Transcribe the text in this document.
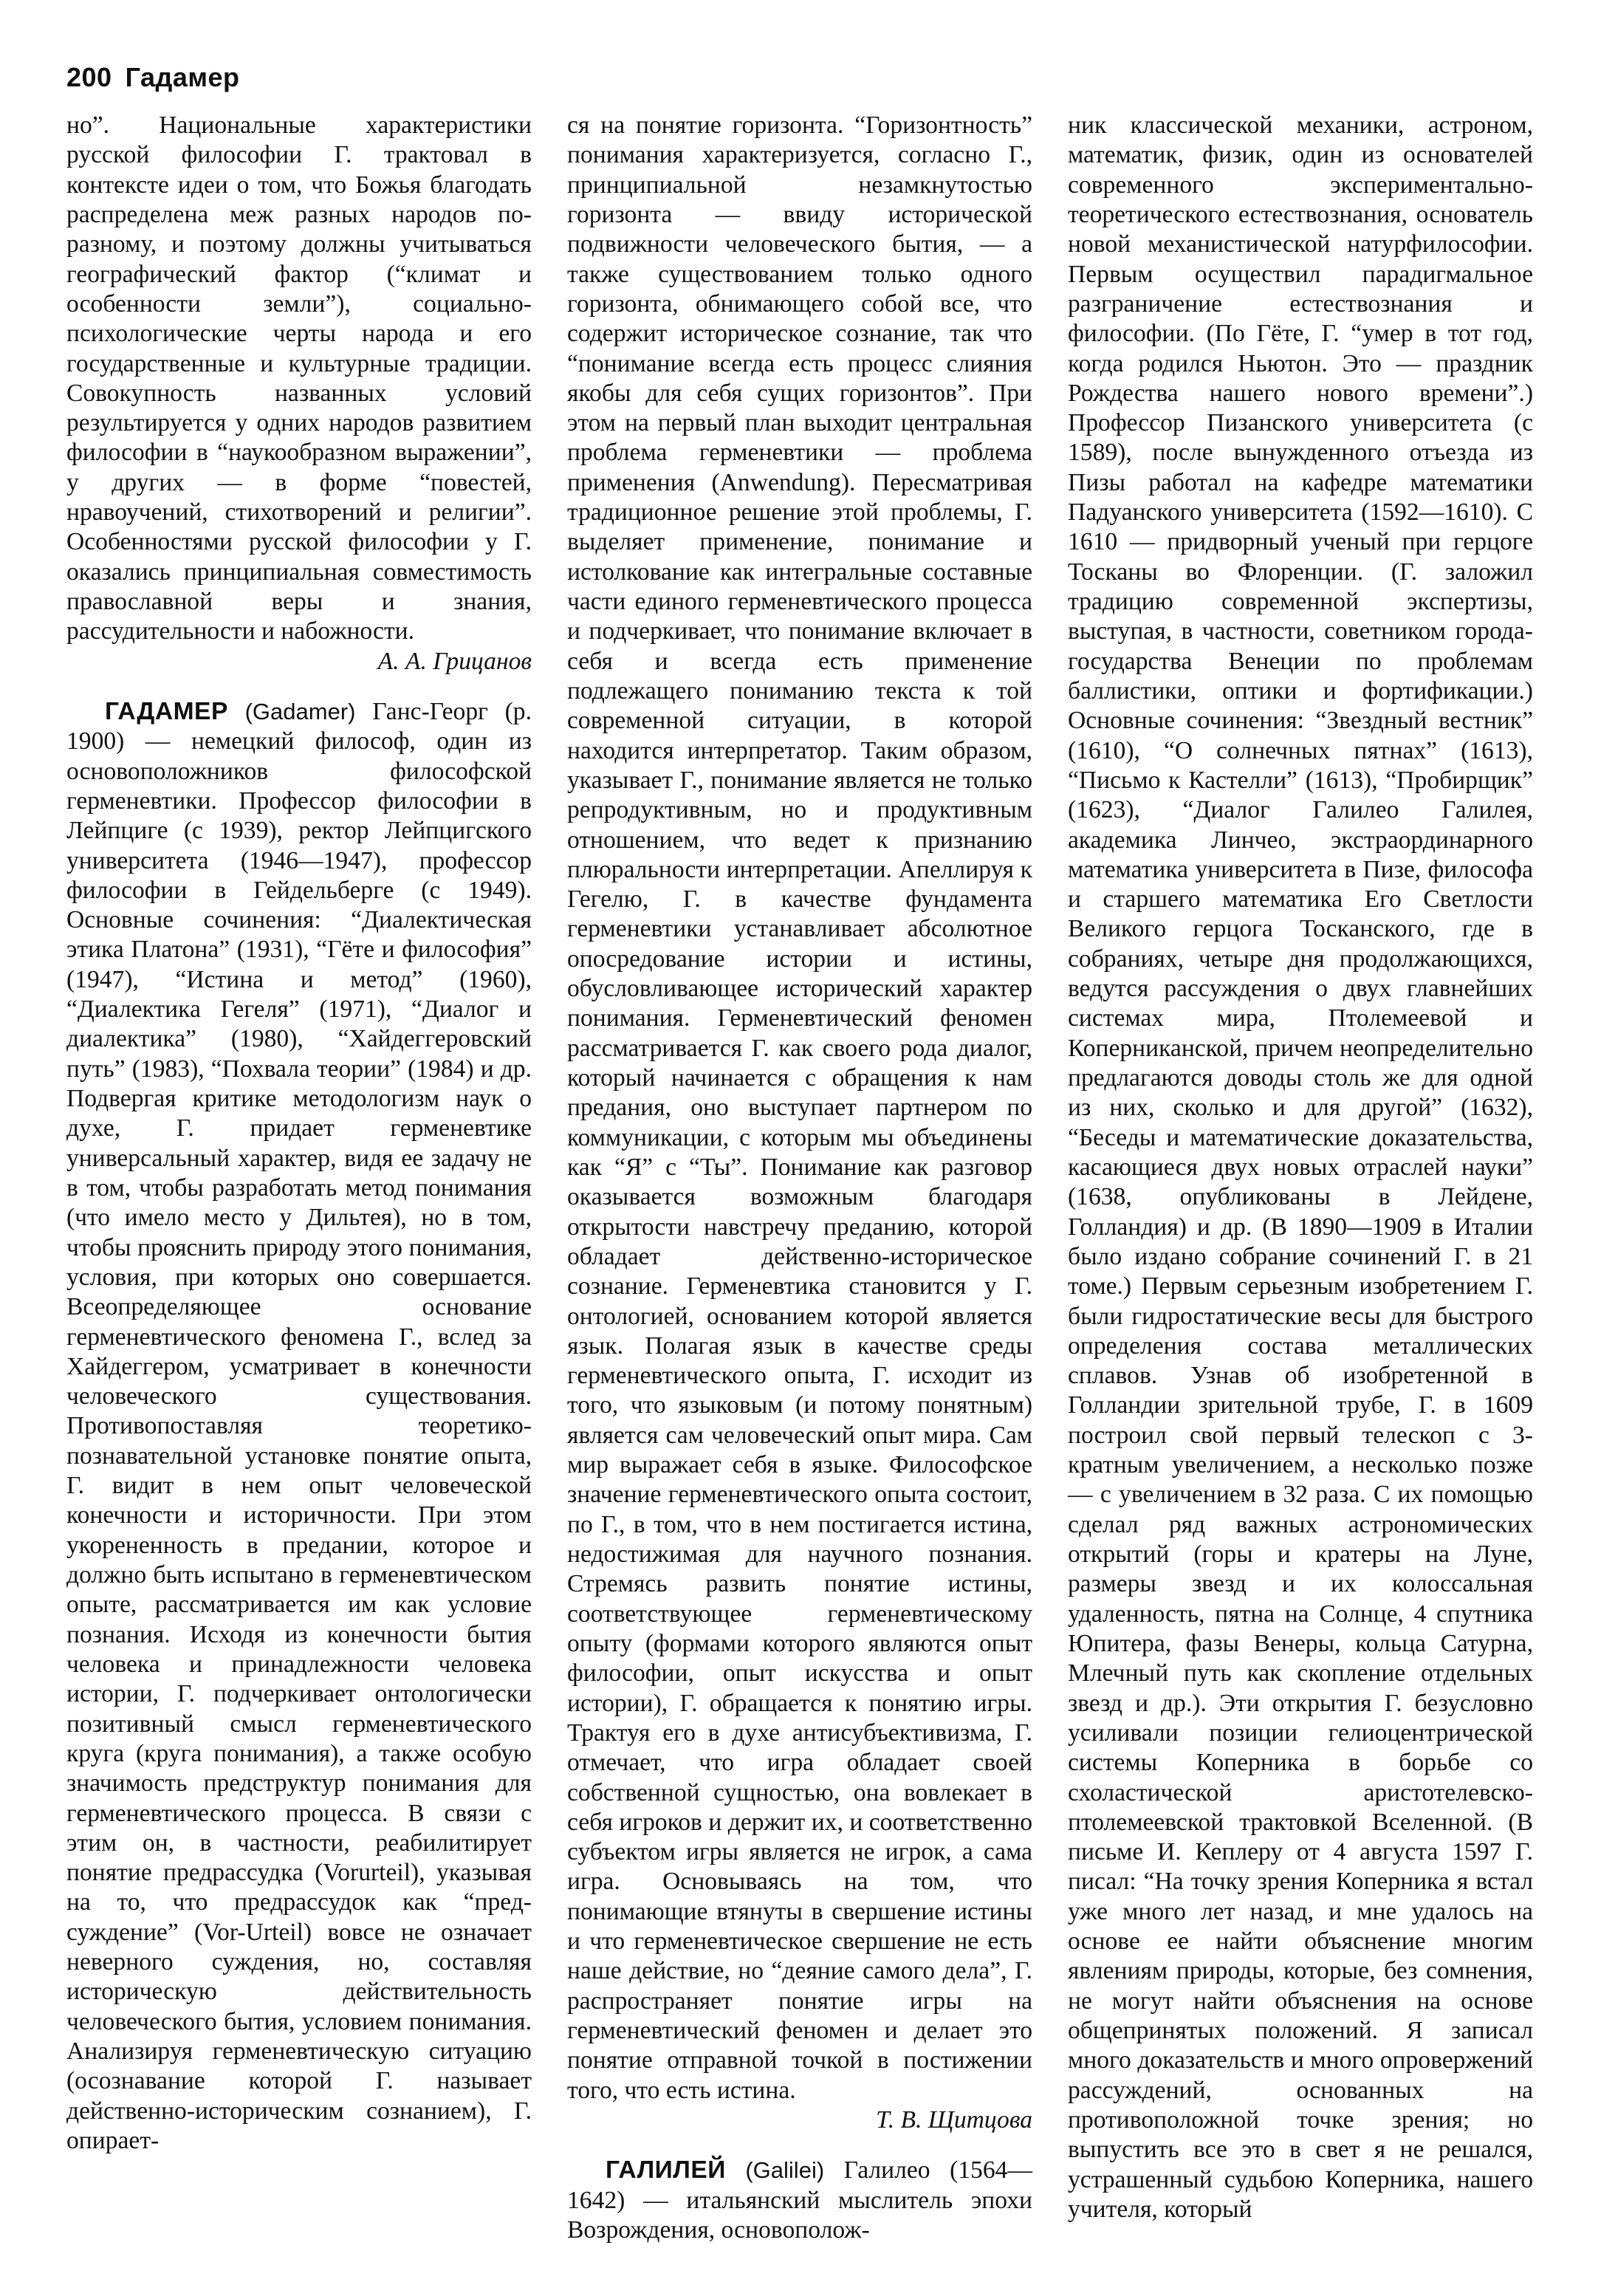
200 Гадамер

но”. Национальные характеристики русской философии Г. трактовал в контексте идеи о том, что Божья благодать распределена меж разных народов по-разному, и поэтому должны учитываться географический фактор (“климат и особенности земли”), социально-психологические черты народа и его государственные и культурные традиции. Совокупность названных условий результируется у одних народов развитием философии в “наукообразном выражении”, у других — в форме “повестей, нравоучений, стихотворений и религии”. Особенностями русской философии у Г. оказались принципиальная совместимость православной веры и знания, рассудительности и набожности.

А. А. Грицанов

ГАДАМЕР (Gadamer) Ганс-Георг (р. 1900) — немецкий философ, один из основоположников философской герменевтики. Профессор философии в Лейпциге (с 1939), ректор Лейпцигского университета (1946—1947), профессор философии в Гейдельберге (с 1949). Основные сочинения: “Диалектическая этика Платона” (1931), “Гёте и философия” (1947), “Истина и метод” (1960), “Диалектика Гегеля” (1971), “Диалог и диалектика” (1980), “Хайдеггеровский путь” (1983), “Похвала теории” (1984) и др. Подвергая критике методологизм наук о духе, Г. придает герменевтике универсальный характер, видя ее задачу не в том, чтобы разработать метод понимания (что имело место у Дильтея), но в том, чтобы прояснить природу этого понимания, условия, при которых оно совершается. Всеопределяющее основание герменевтического феномена Г., вслед за Хайдеггером, усматривает в конечности человеческого существования. Противопоставляя теоретико-познавательной установке понятие опыта, Г. видит в нем опыт человеческой конечности и историчности. При этом укорененность в предании, которое и должно быть испытано в герменевтическом опыте, рассматривается им как условие познания. Исходя из конечности бытия человека и принадлежности человека истории, Г. подчеркивает онтологически позитивный смысл герменевтического круга (круга понимания), а также особую значимость предструктур понимания для герменевтического процесса. В связи с этим он, в частности, реабилитирует понятие предрассудка (Vorurteil), указывая на то, что предрассудок как “пред-суждение” (Vor-Urteil) вовсе не означает неверного суждения, но, составляя историческую действительность человеческого бытия, условием понимания. Анализируя герменевтическую ситуацию (осознавание которой Г. называет действенно-историческим сознанием), Г. опирает-

ся на понятие горизонта. “Горизонтность” понимания характеризуется, согласно Г., принципиальной незамкнутостью горизонта — ввиду исторической подвижности человеческого бытия, — а также существованием только одного горизонта, обнимающего собой все, что содержит историческое сознание, так что “понимание всегда есть процесс слияния якобы для себя сущих горизонтов”. При этом на первый план выходит центральная проблема герменевтики — проблема применения (Anwendung). Пересматривая традиционное решение этой проблемы, Г. выделяет применение, понимание и истолкование как интегральные составные части единого герменевтического процесса и подчеркивает, что понимание включает в себя и всегда есть применение подлежащего пониманию текста к той современной ситуации, в которой находится интерпретатор. Таким образом, указывает Г., понимание является не только репродуктивным, но и продуктивным отношением, что ведет к признанию плюральности интерпретации. Апеллируя к Гегелю, Г. в качестве фундамента герменевтики устанавливает абсолютное опосредование истории и истины, обусловливающее исторический характер понимания. Герменевтический феномен рассматривается Г. как своего рода диалог, который начинается с обращения к нам предания, оно выступает партнером по коммуникации, с которым мы объединены как “Я” с “Ты”. Понимание как разговор оказывается возможным благодаря открытости навстречу преданию, которой обладает действенно-историческое сознание. Герменевтика становится у Г. онтологией, основанием которой является язык. Полагая язык в качестве среды герменевтического опыта, Г. исходит из того, что языковым (и потому понятным) является сам человеческий опыт мира. Сам мир выражает себя в языке. Философское значение герменевтического опыта состоит, по Г., в том, что в нем постигается истина, недостижимая для научного познания. Стремясь развить понятие истины, соответствующее герменевтическому опыту (формами которого являются опыт философии, опыт искусства и опыт истории), Г. обращается к понятию игры. Трактуя его в духе антисубъективизма, Г. отмечает, что игра обладает своей собственной сущностью, она вовлекает в себя игроков и держит их, и соответственно субъектом игры является не игрок, а сама игра. Основываясь на том, что понимающие втянуты в свершение истины и что герменевтическое свершение не есть наше действие, но “деяние самого дела”, Г. распространяет понятие игры на герменевтический феномен и делает это понятие отправной точкой в постижении того, что есть истина.

Т. В. Щитцова

ГАЛИЛЕЙ (Galilei) Галилео (1564—1642) — итальянский мыслитель эпохи Возрождения, основополож-

ник классической механики, астроном, математик, физик, один из основателей современного экспериментально-теоретического естествознания, основатель новой механистической натурфилософии. Первым осуществил парадигмальное разграничение естествознания и философии. (По Гёте, Г. “умер в тот год, когда родился Ньютон. Это — праздник Рождества нашего нового времени”.) Профессор Пизанского университета (с 1589), после вынужденного отъезда из Пизы работал на кафедре математики Падуанского университета (1592—1610). С 1610 — придворный ученый при герцоге Тосканы во Флоренции. (Г. заложил традицию современной экспертизы, выступая, в частности, советником города-государства Венеции по проблемам баллистики, оптики и фортификации.) Основные сочинения: “Звездный вестник” (1610), “О солнечных пятнах” (1613), “Письмо к Кастелли” (1613), “Пробирщик” (1623), “Диалог Галилео Галилея, академика Линчео, экстраординарного математика университета в Пизе, философа и старшего математика Его Светлости Великого герцога Тосканского, где в собраниях, четыре дня продолжающихся, ведутся рассуждения о двух главнейших системах мира, Птолемеевой и Коперниканской, причем неопределительно предлагаются доводы столь же для одной из них, сколько и для другой” (1632), “Беседы и математические доказательства, касающиеся двух новых отраслей науки” (1638, опубликованы в Лейдене, Голландия) и др. (В 1890—1909 в Италии было издано собрание сочинений Г. в 21 томе.) Первым серьезным изобретением Г. были гидростатические весы для быстрого определения состава металлических сплавов. Узнав об изобретенной в Голландии зрительной трубе, Г. в 1609 построил свой первый телескоп с 3-кратным увеличением, а несколько позже — с увеличением в 32 раза. С их помощью сделал ряд важных астрономических открытий (горы и кратеры на Луне, размеры звезд и их колоссальная удаленность, пятна на Солнце, 4 спутника Юпитера, фазы Венеры, кольца Сатурна, Млечный путь как скопление отдельных звезд и др.). Эти открытия Г. безусловно усиливали позиции гелиоцентрической системы Коперника в борьбе со схоластической аристотелевско-птолемеевской трактовкой Вселенной. (В письме И. Кеплеру от 4 августа 1597 Г. писал: “На точку зрения Коперника я встал уже много лет назад, и мне удалось на основе ее найти объяснение многим явлениям природы, которые, без сомнения, не могут найти объяснения на основе общепринятых положений. Я записал много доказательств и много опровержений рассуждений, основанных на противоположной точке зрения; но выпустить все это в свет я не решался, устрашенный судьбою Коперника, нашего учителя, который
